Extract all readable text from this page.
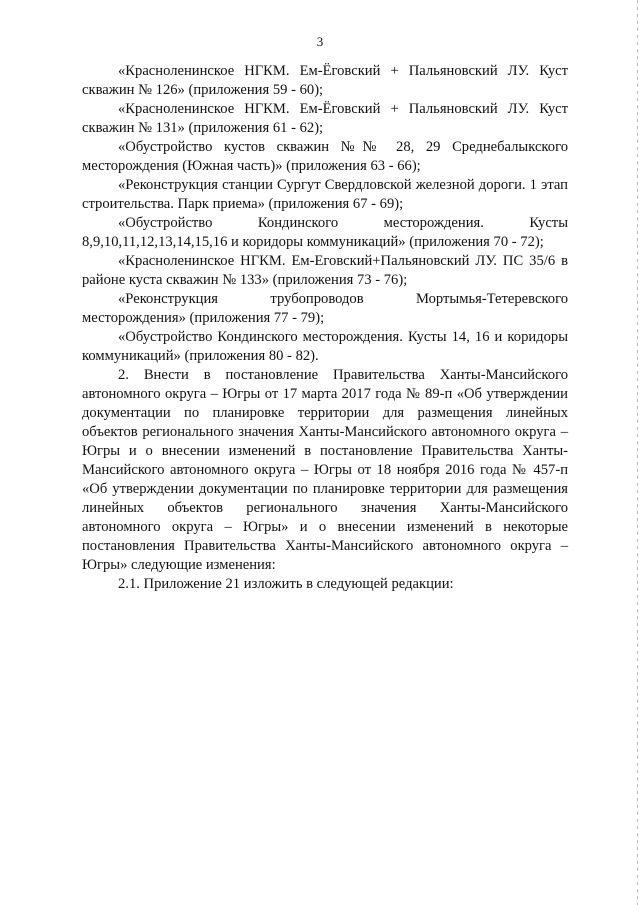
3

«Красноленинское НГКМ. Ем-Ёговский + Пальяновский ЛУ. Куст скважин № 126» (приложения 59 - 60);

«Красноленинское НГКМ. Ем-Ёговский + Пальяновский ЛУ. Куст скважин № 131» (приложения 61 - 62);

«Обустройство кустов скважин №№ 28, 29 Среднебалыкского месторождения (Южная часть)» (приложения 63 - 66);

«Реконструкция станции Сургут Свердловской железной дороги. 1 этап строительства. Парк приема» (приложения 67 - 69);

«Обустройство Кондинского месторождения. Кусты 8,9,10,11,12,13,14,15,16 и коридоры коммуникаций» (приложения 70 - 72);

«Красноленинское НГКМ. Ем-Еговский+Пальяновский ЛУ. ПС 35/6 в районе куста скважин № 133» (приложения 73 - 76);

«Реконструкция трубопроводов Мортымья-Тетеревского месторождения» (приложения 77 - 79);

«Обустройство Кондинского месторождения. Кусты 14, 16 и коридоры коммуникаций» (приложения 80 - 82).

2. Внести в постановление Правительства Ханты-Мансийского автономного округа – Югры от 17 марта 2017 года № 89-п «Об утверждении документации по планировке территории для размещения линейных объектов регионального значения Ханты-Мансийского автономного округа – Югры и о внесении изменений в постановление Правительства Ханты-Мансийского автономного округа – Югры от 18 ноября 2016 года № 457-п «Об утверждении документации по планировке территории для размещения линейных объектов регионального значения Ханты-Мансийского автономного округа – Югры» и о внесении изменений в некоторые постановления Правительства Ханты-Мансийского автономного округа – Югры» следующие изменения:

2.1. Приложение 21 изложить в следующей редакции:
